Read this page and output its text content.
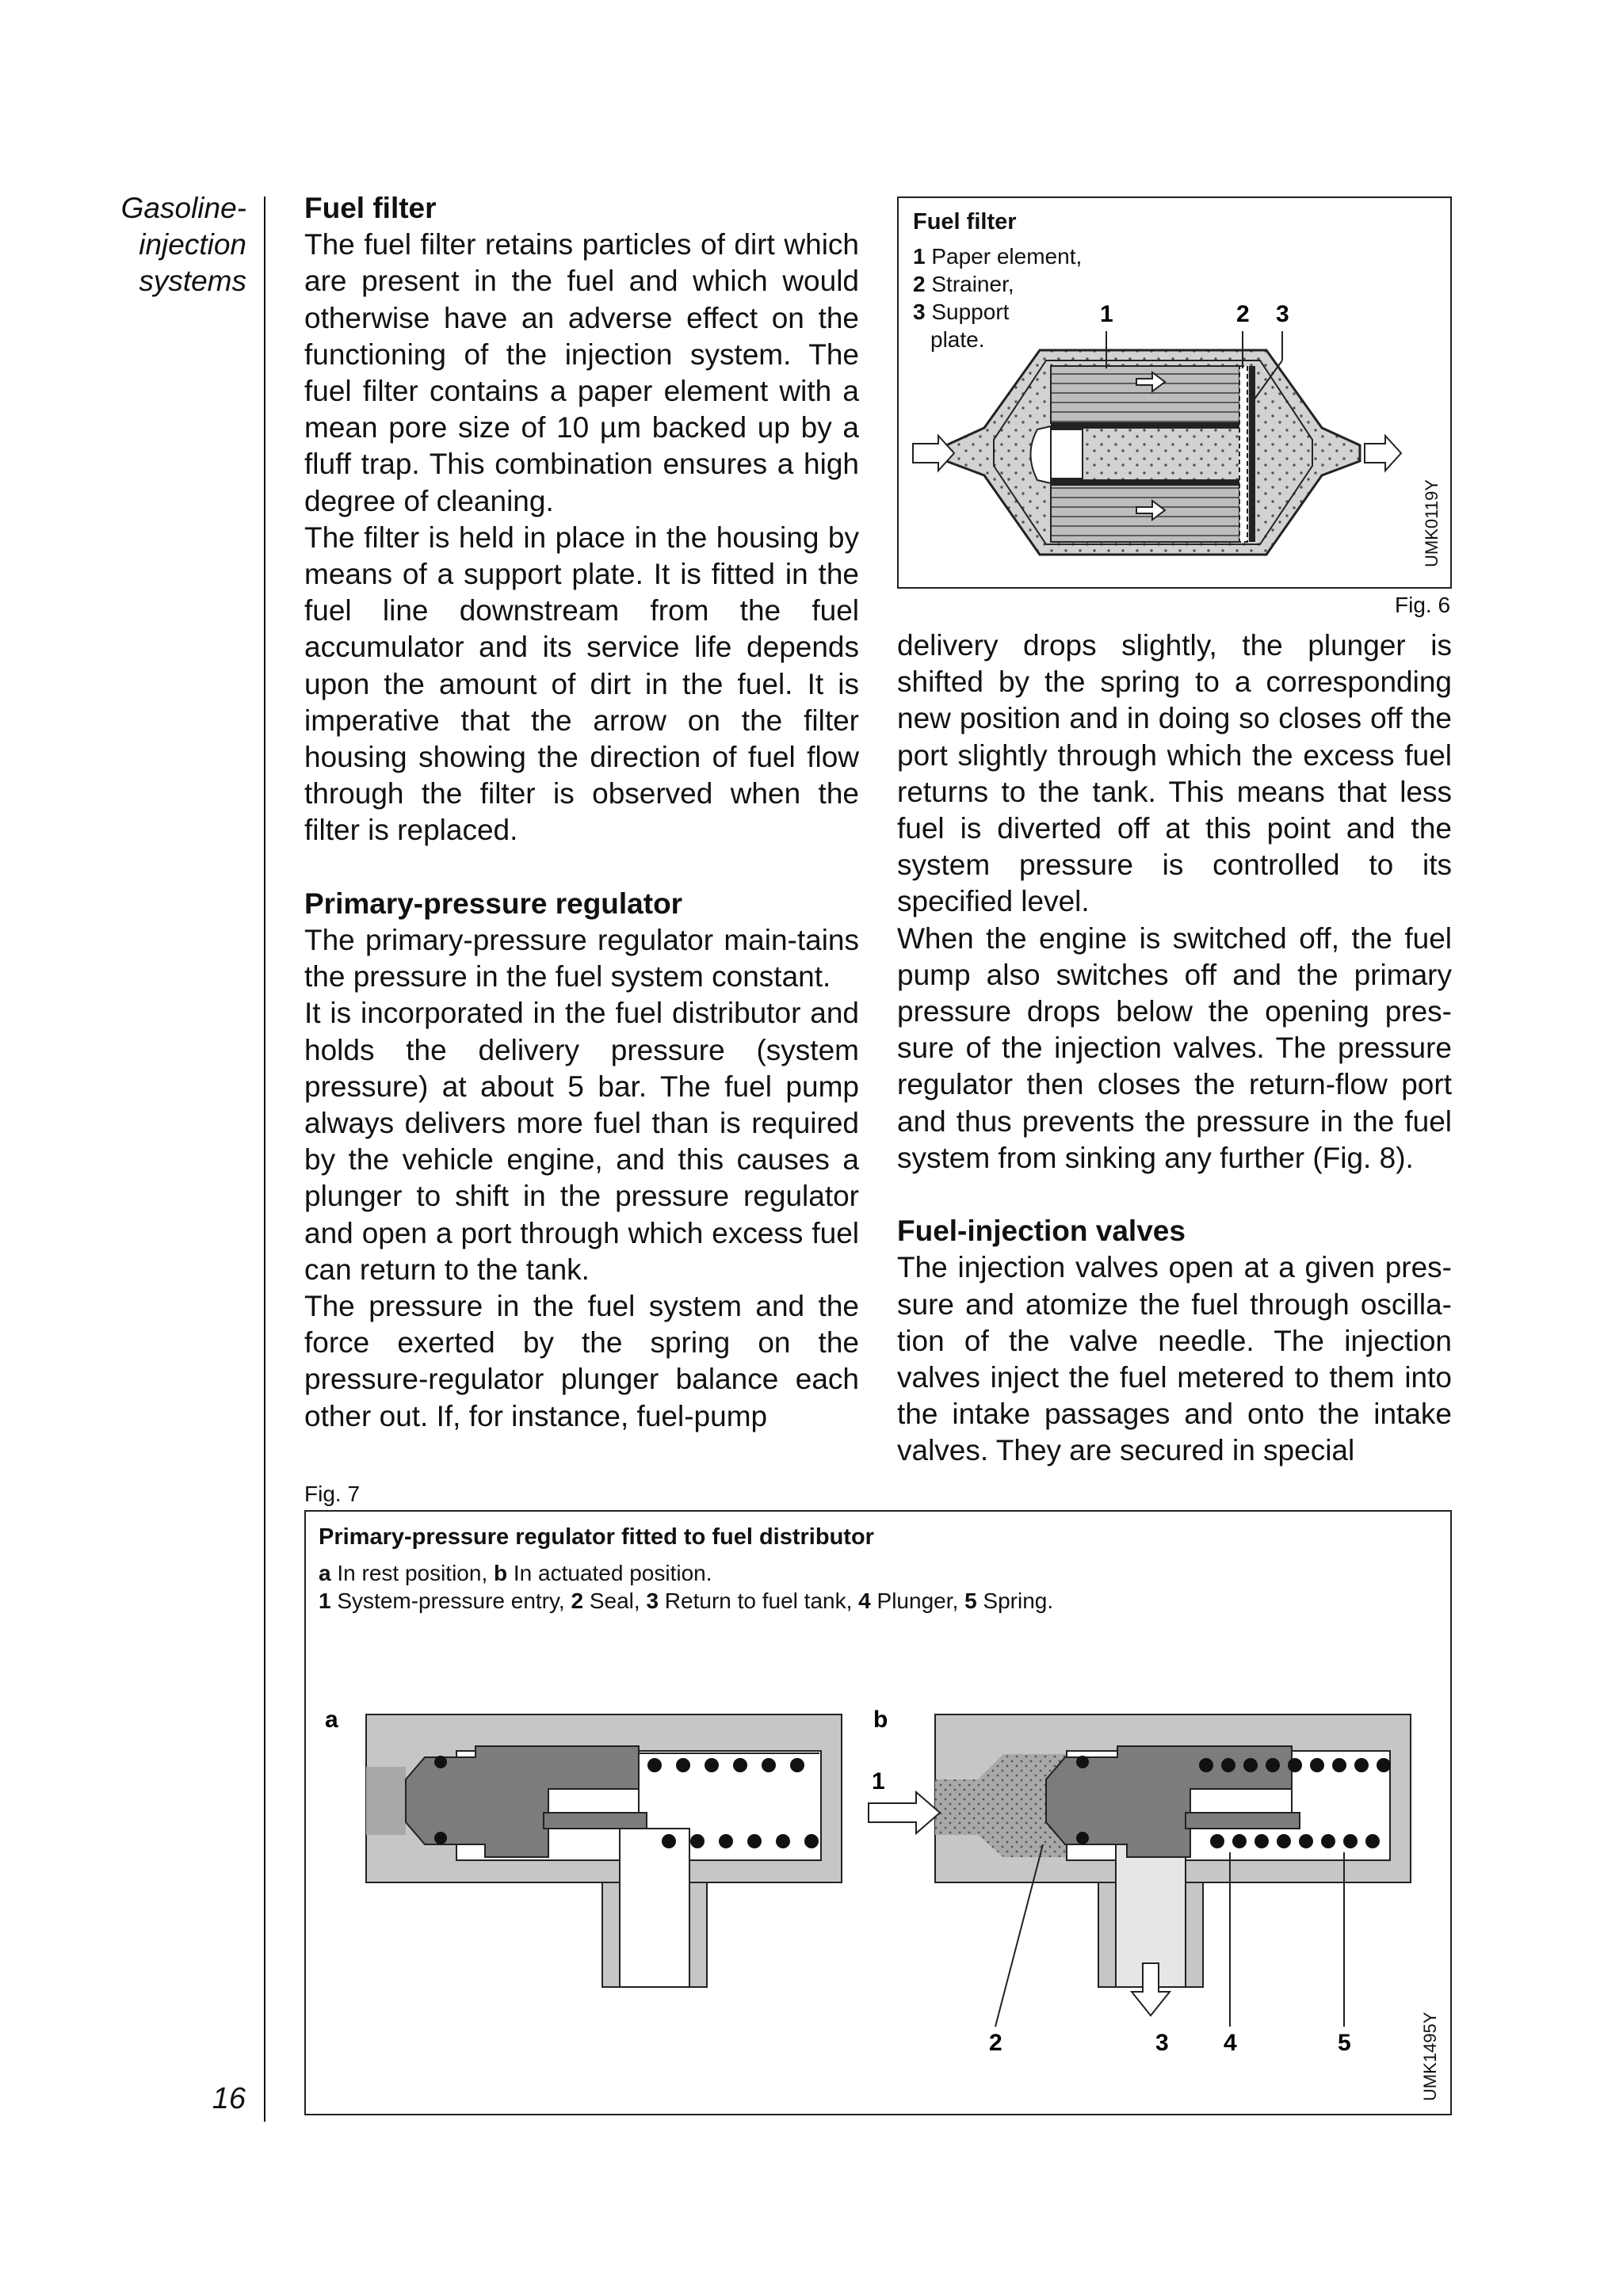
Gasoline-
injection
systems
16
Fuel filter

The fuel filter retains particles of dirt which are present in the fuel and which would otherwise have an adverse effect on the functioning of the injection system. The fuel filter contains a paper element with a mean pore size of 10 µm backed up by a fluff trap. This combination ensures a high degree of cleaning.

The filter is held in place in the housing by means of a support plate. It is fitted in the fuel line downstream from the fuel accumulator and its service life depends upon the amount of dirt in the fuel. It is imperative that the arrow on the filter housing showing the direction of fuel flow through the filter is observed when the filter is replaced.

Primary-pressure regulator

The primary-pressure regulator main-tains the pressure in the fuel system constant.

It is incorporated in the fuel distributor and holds the delivery pressure (system pressure) at about 5 bar. The fuel pump always delivers more fuel than is required by the vehicle engine, and this causes a plunger to shift in the pressure regulator and open a port through which excess fuel can return to the tank.

The pressure in the fuel system and the force exerted by the spring on the pressure-regulator plunger balance each other out. If, for instance, fuel-pump

delivery drops slightly, the plunger is shifted by the spring to a corresponding new position and in doing so closes off the port slightly through which the excess fuel returns to the tank. This means that less fuel is diverted off at this point and the system pressure is controlled to its specified level.

When the engine is switched off, the fuel pump also switches off and the primary pressure drops below the opening pres-sure of the injection valves. The pressure regulator then closes the return-flow port and thus prevents the pressure in the fuel system from sinking any further (Fig. 8).

Fuel-injection valves

The injection valves open at a given pres-sure and atomize the fuel through oscilla-tion of the valve needle. The injection valves inject the fuel metered to them into the intake passages and onto the intake valves. They are secured in special

Fuel filter
1 Paper element,
2 Strainer,
3 Support
plate.
1	2 3
UMK0119Y
Fig. 6
Fig. 7
Primary-pressure regulator fitted to fuel distributor
a In rest position, b In actuated position.
1 System-pressure entry, 2 Seal, 3 Return to fuel tank, 4 Plunger, 5 Spring.
a	b
1
2	3 4	5	UMK1495Y
